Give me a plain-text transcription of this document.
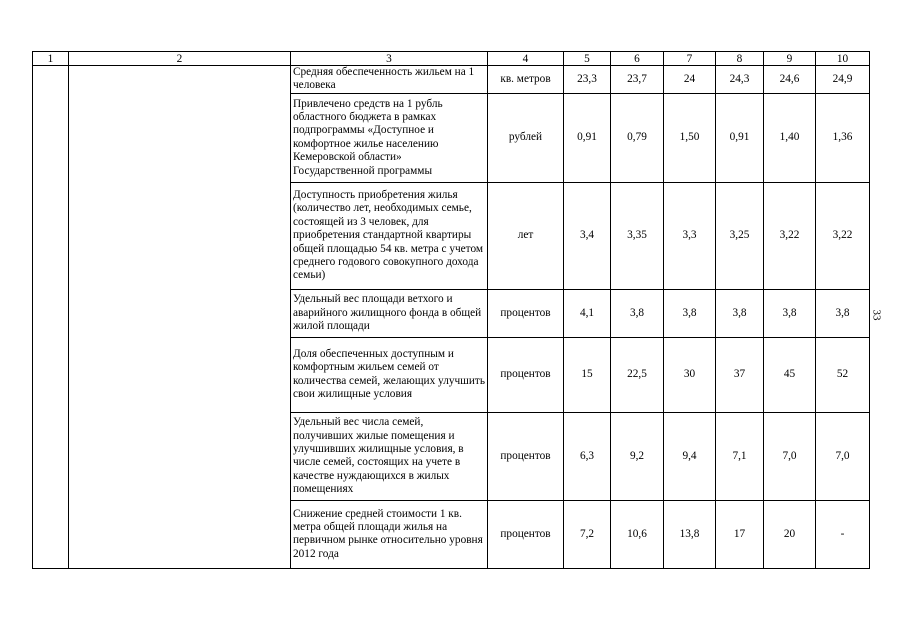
1	2	3	4	5	6	7	8	9	10
		Средняя обеспеченность жильем на 1 человека	кв. метров	23,3	23,7	24	24,3	24,6	24,9
		Привлечено средств на 1 рубль областного бюджета в рамках подпрограммы «Доступное и комфортное жилье населению Кемеровской области» Государственной программы	рублей	0,91	0,79	1,50	0,91	1,40	1,36
		Доступность приобретения жилья (количество лет, необходимых семье, состоящей из 3 человек, для приобретения стандартной квартиры общей площадью 54 кв. метра с учетом среднего годового совокупного дохода семьи)	лет	3,4	3,35	3,3	3,25	3,22	3,22
		Удельный вес площади ветхого и аварийного жилищного фонда в общей жилой площади	процентов	4,1	3,8	3,8	3,8	3,8	3,8
		Доля обеспеченных доступным и комфортным жильем семей от количества семей, желающих улучшить свои жилищные условия	процентов	15	22,5	30	37	45	52
		Удельный вес числа семей, получивших жилые помещения и улучшивших жилищные условия, в числе семей, состоящих на учете в качестве нуждающихся в жилых помещениях	процентов	6,3	9,2	9,4	7,1	7,0	7,0
		Снижение средней стоимости 1 кв. метра общей площади жилья на первичном рынке относительно уровня 2012 года	процентов	7,2	10,6	13,8	17	20	-
33
